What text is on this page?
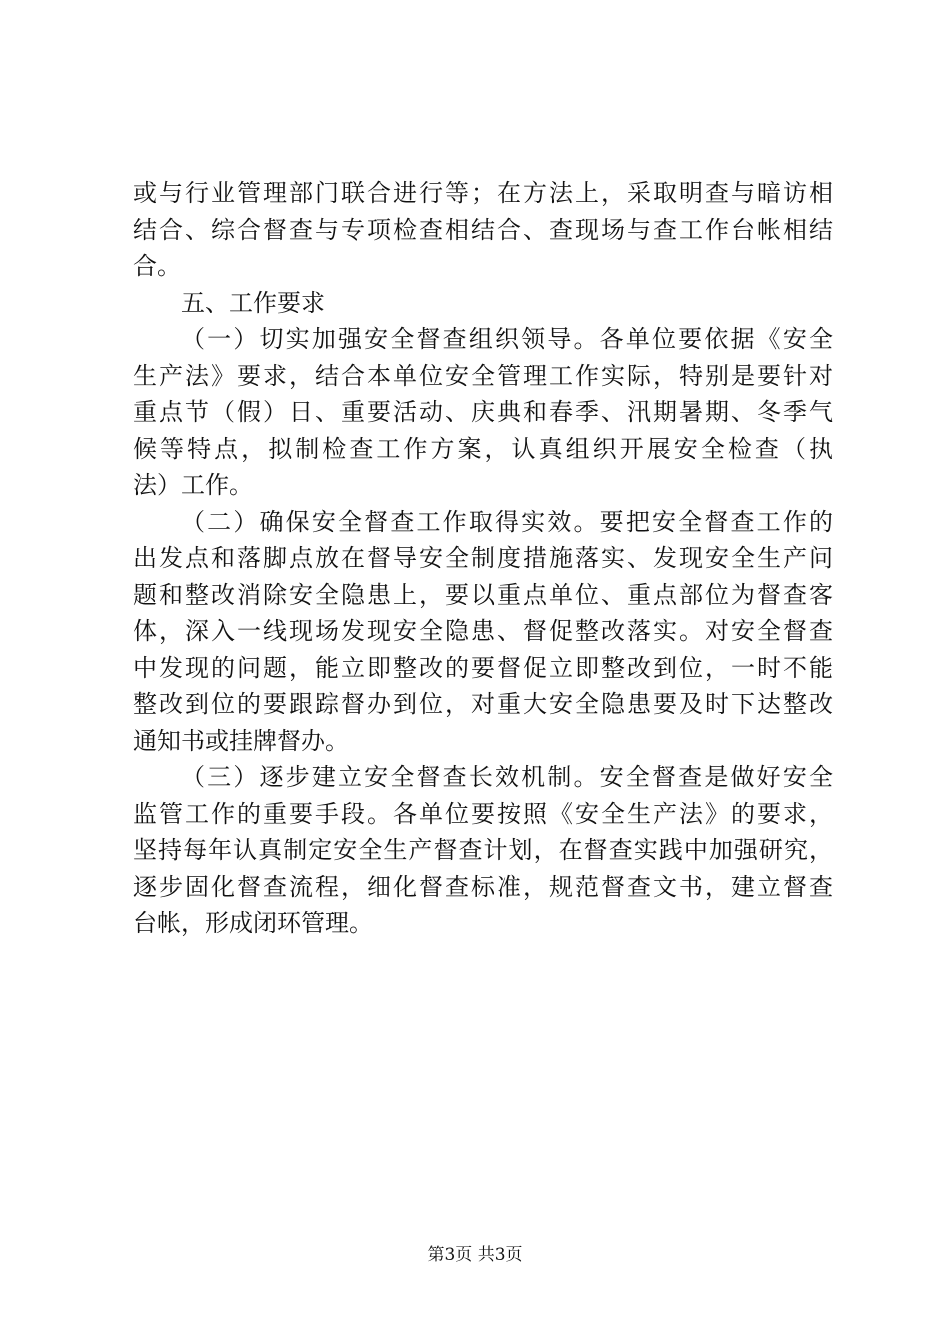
或与行业管理部门联合进行等；在方法上，采取明查与暗访相
结合、综合督查与专项检查相结合、查现场与查工作台帐相结
合。
五、工作要求
（一）切实加强安全督查组织领导。各单位要依据《安全
生产法》要求，结合本单位安全管理工作实际，特别是要针对
重点节（假）日、重要活动、庆典和春季、汛期暑期、冬季气
候等特点，拟制检查工作方案，认真组织开展安全检查（执
法）工作。
（二）确保安全督查工作取得实效。要把安全督查工作的
出发点和落脚点放在督导安全制度措施落实、发现安全生产问
题和整改消除安全隐患上，要以重点单位、重点部位为督查客
体，深入一线现场发现安全隐患、督促整改落实。对安全督查
中发现的问题，能立即整改的要督促立即整改到位，一时不能
整改到位的要跟踪督办到位，对重大安全隐患要及时下达整改
通知书或挂牌督办。
（三）逐步建立安全督查长效机制。安全督查是做好安全
监管工作的重要手段。各单位要按照《安全生产法》的要求，
坚持每年认真制定安全生产督查计划，在督查实践中加强研究，
逐步固化督查流程，细化督查标准，规范督查文书，建立督查
台帐，形成闭环管理。
第3页 共3页
